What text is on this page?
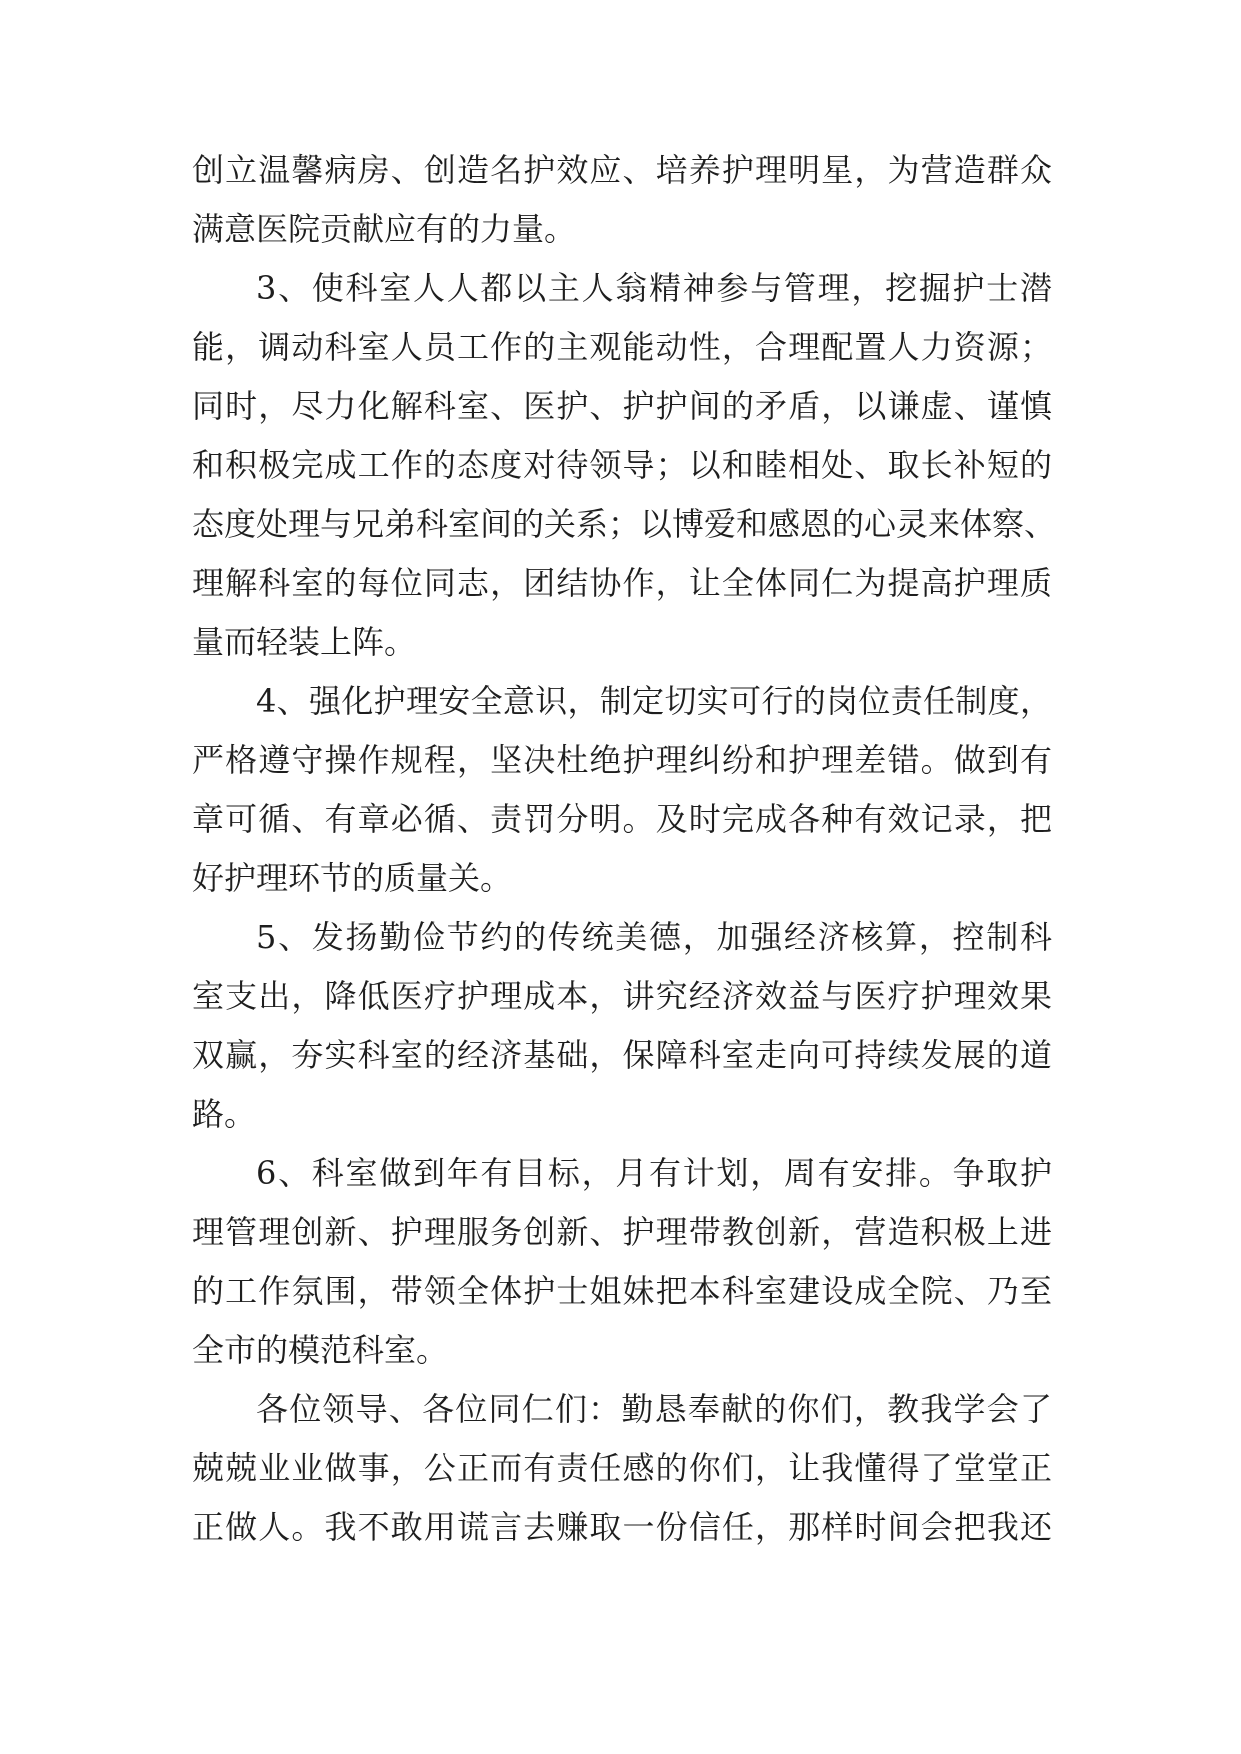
创立温馨病房、创造名护效应、培养护理明星，为营造群众
满意医院贡献应有的力量。
3、使科室人人都以主人翁精神参与管理，挖掘护士潜
能，调动科室人员工作的主观能动性，合理配置人力资源；
同时，尽力化解科室、医护、护护间的矛盾，以谦虚、谨慎
和积极完成工作的态度对待领导；以和睦相处、取长补短的
态度处理与兄弟科室间的关系；以博爱和感恩的心灵来体察、
理解科室的每位同志，团结协作，让全体同仁为提高护理质
量而轻装上阵。
4、强化护理安全意识，制定切实可行的岗位责任制度，
严格遵守操作规程，坚决杜绝护理纠纷和护理差错。做到有
章可循、有章必循、责罚分明。及时完成各种有效记录，把
好护理环节的质量关。
5、发扬勤俭节约的传统美德，加强经济核算，控制科
室支出，降低医疗护理成本，讲究经济效益与医疗护理效果
双赢，夯实科室的经济基础，保障科室走向可持续发展的道
路。
6、科室做到年有目标，月有计划，周有安排。争取护
理管理创新、护理服务创新、护理带教创新，营造积极上进
的工作氛围，带领全体护士姐妹把本科室建设成全院、乃至
全市的模范科室。
各位领导、各位同仁们：勤恳奉献的你们，教我学会了
兢兢业业做事，公正而有责任感的你们，让我懂得了堂堂正
正做人。我不敢用谎言去赚取一份信任，那样时间会把我还
